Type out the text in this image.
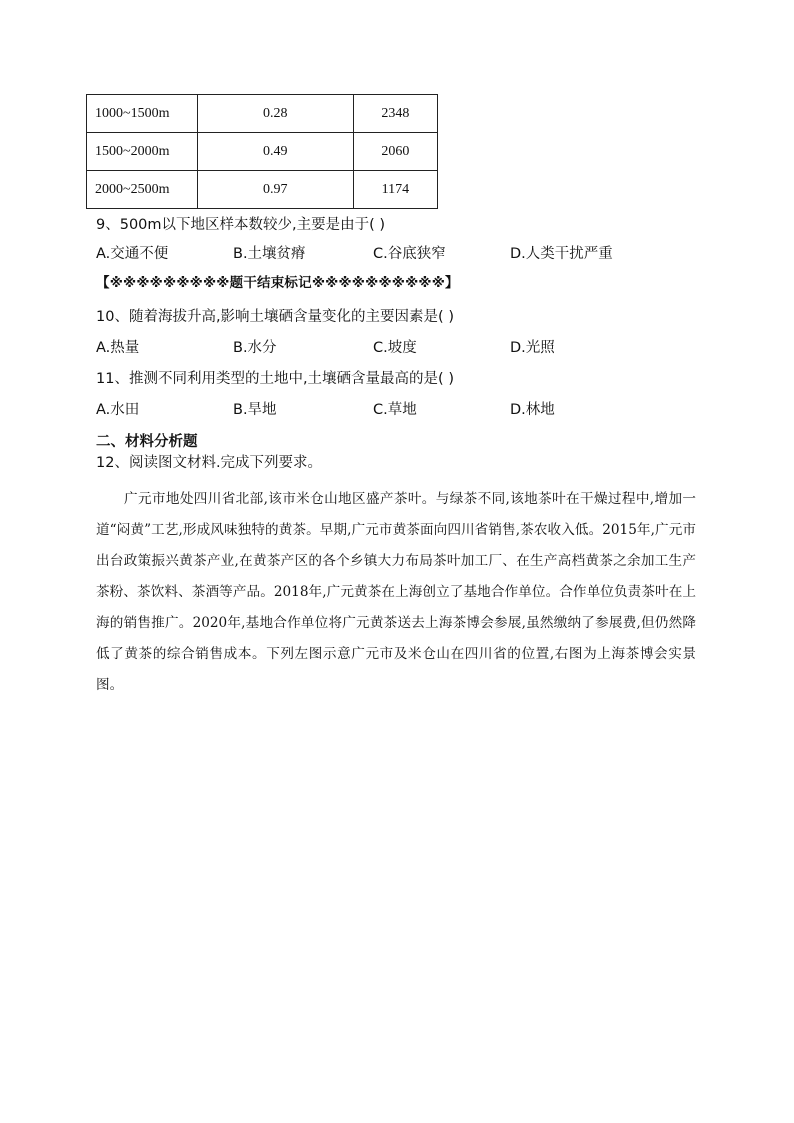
1000~1500m	0.28	2348
1500~2000m	0.49	2060
2000~2500m	0.97	1174
9、500m以下地区样本数较少,主要是由于( )
A.交通不便	B.土壤贫瘠	C.谷底狭窄	D.人类干扰严重
【※※※※※※※※※题干结束标记※※※※※※※※※※】
10、随着海拔升高,影响土壤硒含量变化的主要因素是( )
A.热量	B.水分	C.坡度	D.光照
11、推测不同利用类型的土地中,土壤硒含量最高的是( )
A.水田	B.旱地	C.草地	D.林地
二、材料分析题
12、阅读图文材料.完成下列要求。

广元市地处四川省北部,该市米仓山地区盛产茶叶。与绿茶不同,该地茶叶在干燥过程中,增加一道“闷黄”工艺,形成风味独特的黄茶。早期,广元市黄茶面向四川省销售,茶农收入低。2015年,广元市出台政策振兴黄茶产业,在黄茶产区的各个乡镇大力布局茶叶加工厂、在生产高档黄茶之余加工生产茶粉、茶饮料、茶酒等产品。2018年,广元黄茶在上海创立了基地合作单位。合作单位负责茶叶在上海的销售推广。2020年,基地合作单位将广元黄茶送去上海茶博会参展,虽然缴纳了参展费,但仍然降低了黄茶的综合销售成本。下列左图示意广元市及米仓山在四川省的位置,右图为上海茶博会实景图。
